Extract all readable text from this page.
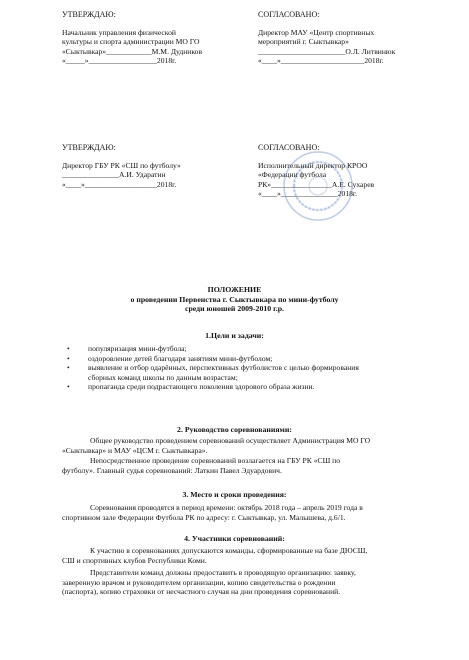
УТВЕРЖДАЮ:
Начальник управления физической
культуры и спорта администрации МО ГО
«Сыктывкар»____________М.М. Дудников
«_____»__________________2018г.
СОГЛАСОВАНО:
Директор МАУ «Центр спортивных
мероприятий г. Сыктывкар»
_______________________О.Л. Литвинюк
«____»______________________2018г.
УТВЕРЖДАЮ:
Директор ГБУ РК «СШ по футболу»
_______________А.И. Ударатин
«____»___________________2018г.
СОГЛАСОВАНО:
Исполнительный директор КРОО
«Федерации футбола
РК»________________А.Е. Сухарев
«____»_______________2018г.
ПОЛОЖЕНИЕ
о проведении Первенства г. Сыктывкара по мини-футболу
среди юношей 2009-2010 г.р.
1.Цели и задачи:
• популяризация мини-футбола;
• оздоровление детей благодаря занятиям мини-футболом;
• выявление и отбор одарённых, перспективных футболистов с целью формирования
сборных команд школы по данным возрастам;
• пропаганда среди подрастающего поколения здорового образа жизни.
2. Руководство соревнованиями:
Общее руководство проведением соревнований осуществляет Администрация МО ГО
«Сыктывкар» и МАУ «ЦСМ г. Сыктывкара».
Непосредственное проведение соревнований возлагается на ГБУ РК «СШ по
футболу». Главный судья соревнований: Латкин Павел Эдуардович.
3. Место и сроки проведения:
Соревнования проводятся в период времени: октябрь 2018 года – апрель 2019 года в
спортивном зале Федерации Футбола РК по адресу: г. Сыктывкар, ул. Малышева, д.6/1.
4. Участники соревнований:
К участию в соревнованиях допускаются команды, сформированные на базе ДЮСШ,
СШ и спортивных клубов Республики Коми.
Представители команд должны предоставить в проводящую организацию: заявку,
заверенную врачом и руководителем организации, копию свидетельства о рождении
(паспорта), копию страховки от несчастного случая на дни проведения соревнований.
